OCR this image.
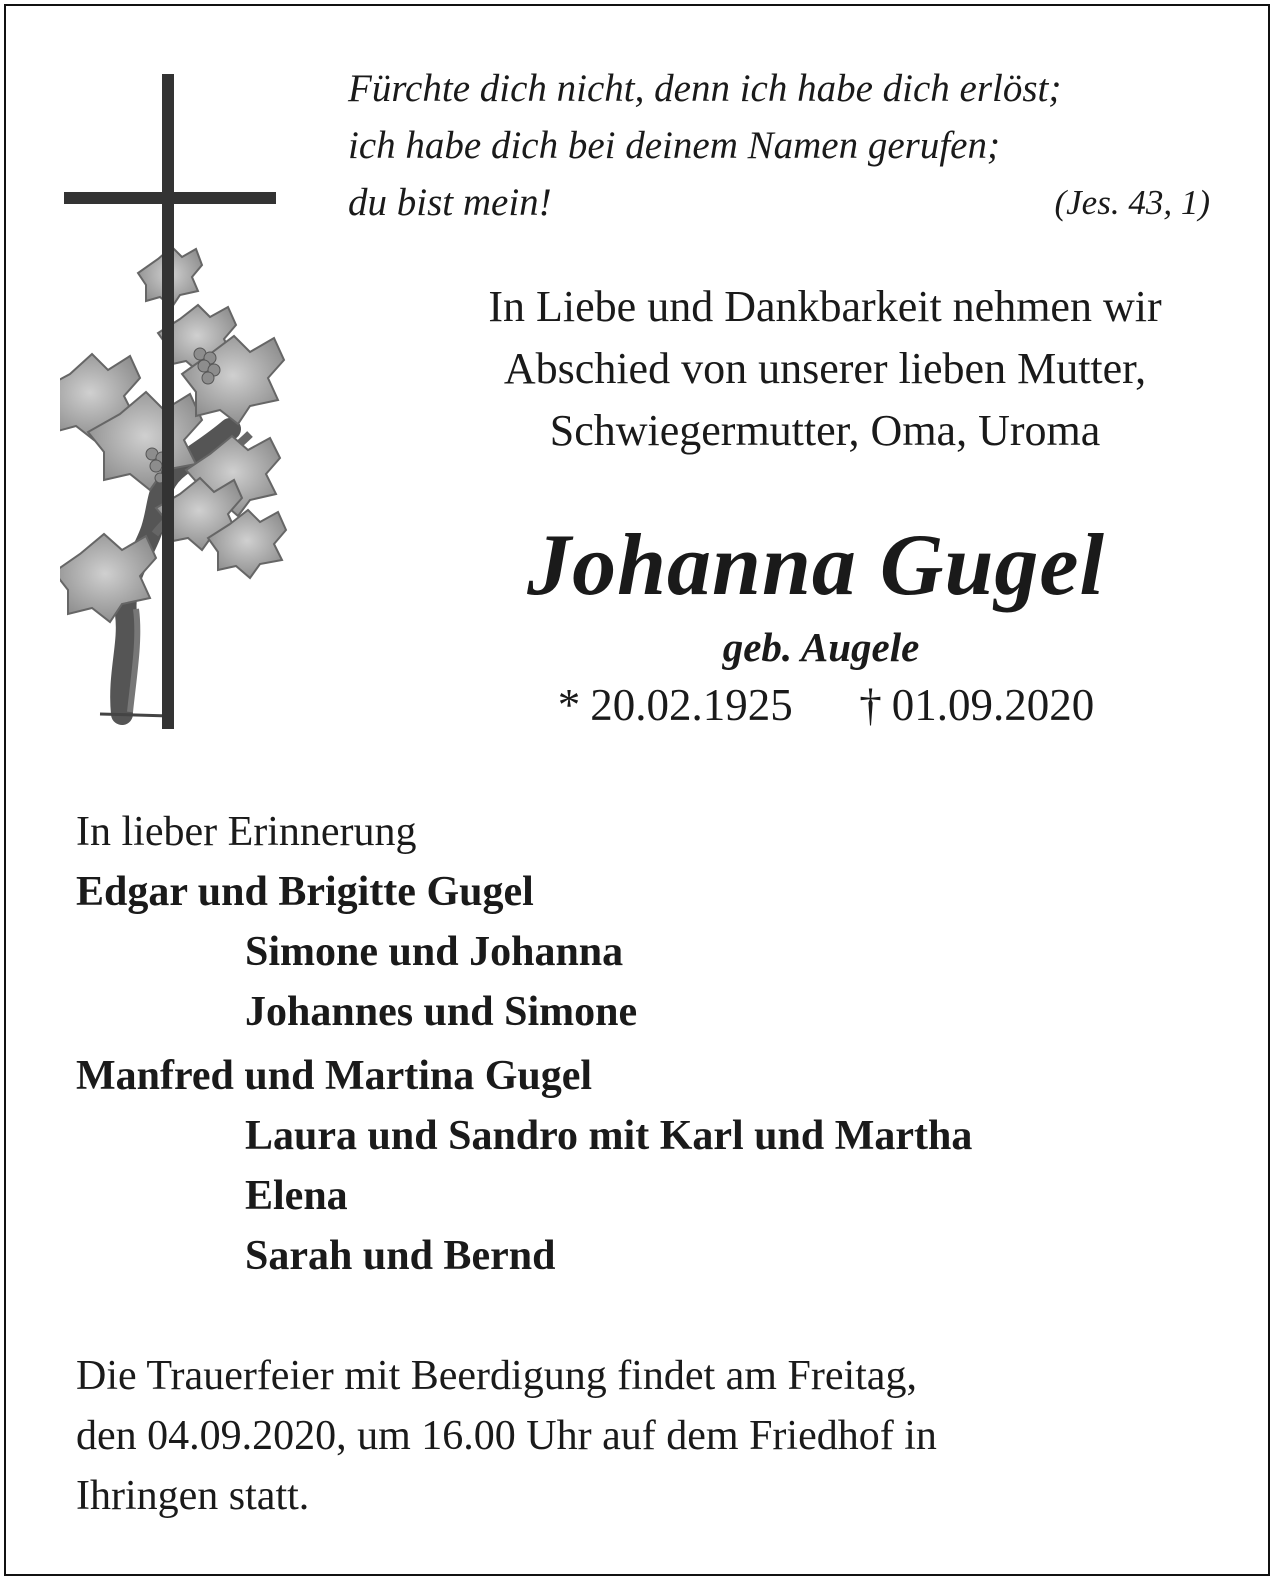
Fürchte dich nicht, denn ich habe dich erlöst;
ich habe dich bei deinem Namen gerufen;
du bist mein!	(Jes. 43, 1)
In Liebe und Dankbarkeit nehmen wir
Abschied von unserer lieben Mutter,
Schwiegermutter, Oma, Uroma
Johanna Gugel
geb. Augele
* 20.02.1925 † 01.09.2020
In lieber Erinnerung
Edgar und Brigitte Gugel
Simone und Johanna
Johannes und Simone
Manfred und Martina Gugel
Laura und Sandro mit Karl und Martha
Elena
Sarah und Bernd
Die Trauerfeier mit Beerdigung findet am Freitag,
den 04.09.2020, um 16.00 Uhr auf dem Friedhof in
Ihringen statt.
